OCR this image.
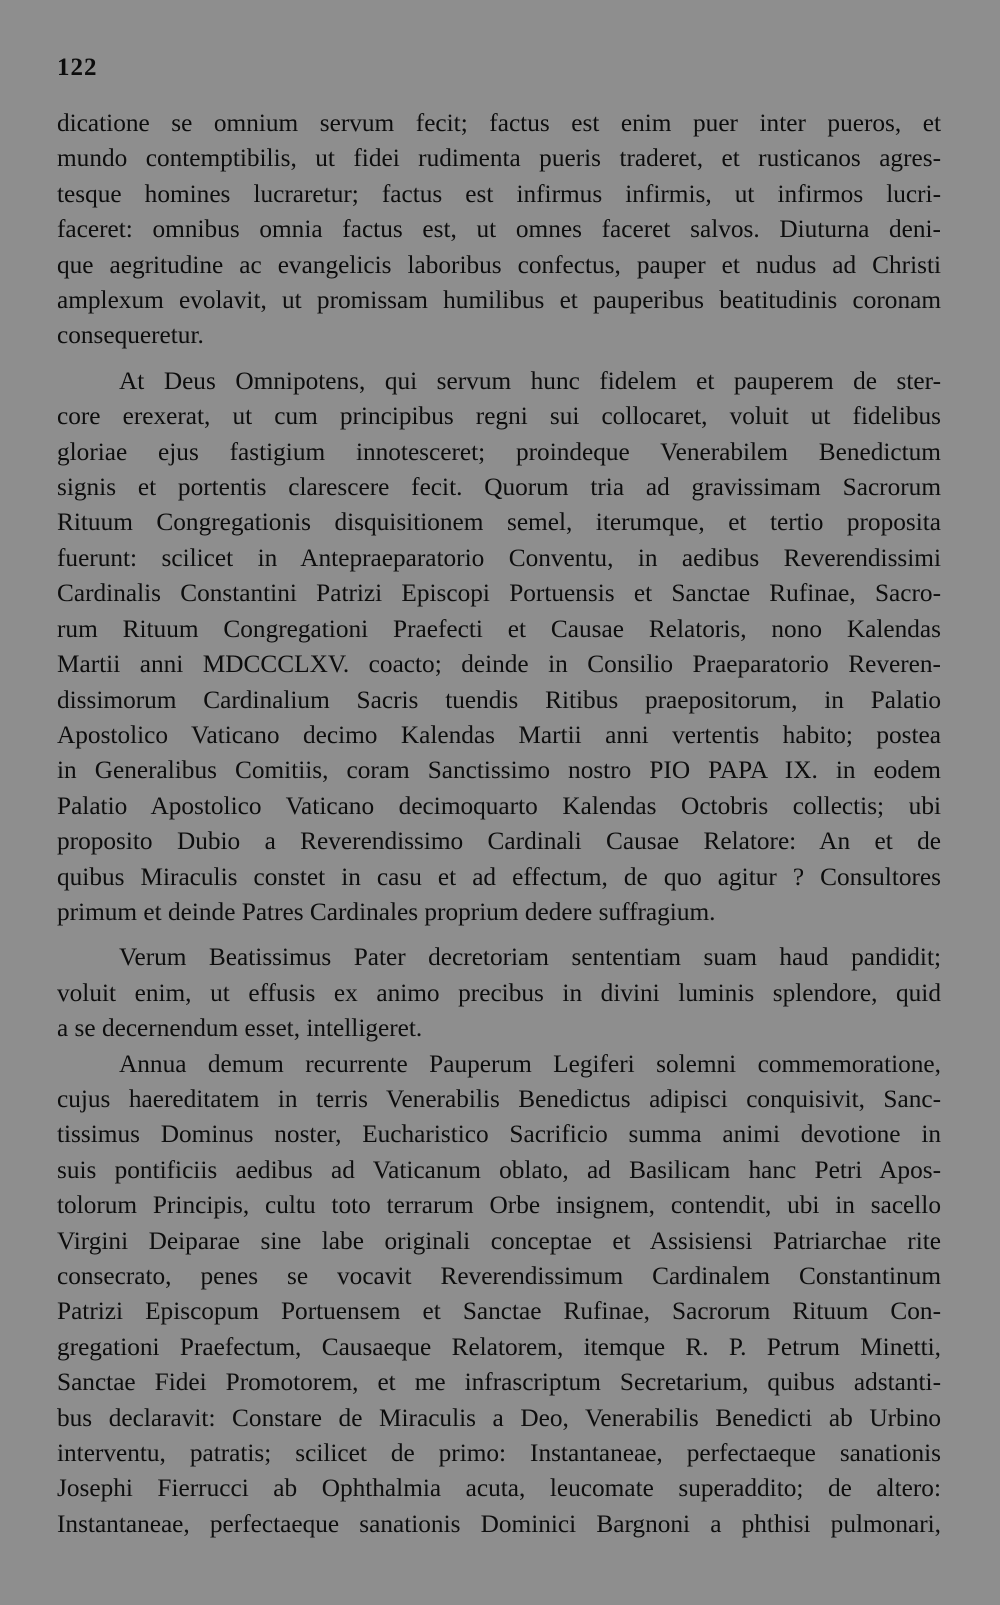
122

dicatione se omnium servum fecit; factus est enim puer inter pueros, et
mundo contemptibilis, ut fidei rudimenta pueris traderet, et rusticanos agres-
tesque homines lucraretur; factus est infirmus infirmis, ut infirmos lucri-
faceret: omnibus omnia factus est, ut omnes faceret salvos. Diuturna deni-
que aegritudine ac evangelicis laboribus confectus, pauper et nudus ad Christi
amplexum evolavit, ut promissam humilibus et pauperibus beatitudinis coronam
consequeretur.

At Deus Omnipotens, qui servum hunc fidelem et pauperem de ster-
core erexerat, ut cum principibus regni sui collocaret, voluit ut fidelibus
gloriae ejus fastigium innotesceret; proindeque Venerabilem Benedictum
signis et portentis clarescere fecit. Quorum tria ad gravissimam Sacrorum
Rituum Congregationis disquisitionem semel, iterumque, et tertio proposita
fuerunt: scilicet in Antepraeparatorio Conventu, in aedibus Reverendissimi
Cardinalis Constantini Patrizi Episcopi Portuensis et Sanctae Rufinae, Sacro-
rum Rituum Congregationi Praefecti et Causae Relatoris, nono Kalendas
Martii anni MDCCCLXV. coacto; deinde in Consilio Praeparatorio Reveren-
dissimorum Cardinalium Sacris tuendis Ritibus praepositorum, in Palatio
Apostolico Vaticano decimo Kalendas Martii anni vertentis habito; postea
in Generalibus Comitiis, coram Sanctissimo nostro PIO PAPA IX. in eodem
Palatio Apostolico Vaticano decimoquarto Kalendas Octobris collectis; ubi
proposito Dubio a Reverendissimo Cardinali Causae Relatore: An et de
quibus Miraculis constet in casu et ad effectum, de quo agitur ? Consultores
primum et deinde Patres Cardinales proprium dedere suffragium.

Verum Beatissimus Pater decretoriam sententiam suam haud pandidit;
voluit enim, ut effusis ex animo precibus in divini luminis splendore, quid
a se decernendum esset, intelligeret.

Annua demum recurrente Pauperum Legiferi solemni commemoratione,
cujus haereditatem in terris Venerabilis Benedictus adipisci conquisivit, Sanc-
tissimus Dominus noster, Eucharistico Sacrificio summa animi devotione in
suis pontificiis aedibus ad Vaticanum oblato, ad Basilicam hanc Petri Apos-
tolorum Principis, cultu toto terrarum Orbe insignem, contendit, ubi in sacello
Virgini Deiparae sine labe originali conceptae et Assisiensi Patriarchae rite
consecrato, penes se vocavit Reverendissimum Cardinalem Constantinum
Patrizi Episcopum Portuensem et Sanctae Rufinae, Sacrorum Rituum Con-
gregationi Praefectum, Causaeque Relatorem, itemque R. P. Petrum Minetti,
Sanctae Fidei Promotorem, et me infrascriptum Secretarium, quibus adstanti-
bus declaravit: Constare de Miraculis a Deo, Venerabilis Benedicti ab Urbino
interventu, patratis; scilicet de primo: Instantaneae, perfectaeque sanationis
Josephi Fierrucci ab Ophthalmia acuta, leucomate superaddito; de altero:
Instantaneae, perfectaeque sanationis Dominici Bargnoni a phthisi pulmonari,
